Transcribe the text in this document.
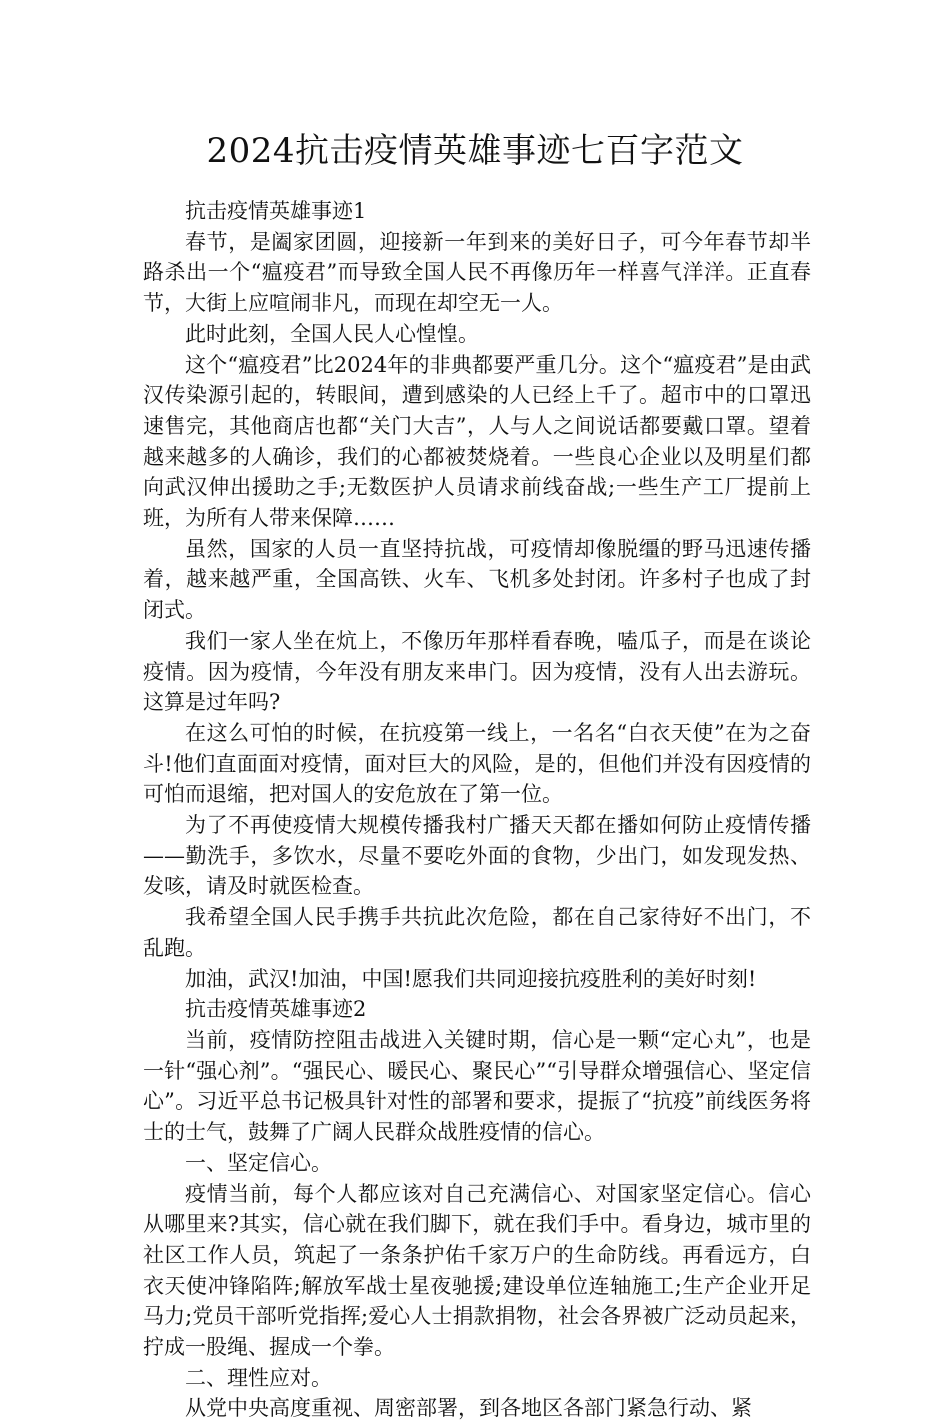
2024抗击疫情英雄事迹七百字范文

抗击疫情英雄事迹1

春节，是阖家团圆，迎接新一年到来的美好日子，可今年春节却半路杀出一个“瘟疫君”而导致全国人民不再像历年一样喜气洋洋。正直春节，大街上应喧闹非凡，而现在却空无一人。

此时此刻，全国人民人心惶惶。

这个“瘟疫君”比2024年的非典都要严重几分。这个“瘟疫君”是由武汉传染源引起的，转眼间，遭到感染的人已经上千了。超市中的口罩迅速售完，其他商店也都“关门大吉”，人与人之间说话都要戴口罩。望着越来越多的人确诊，我们的心都被焚烧着。一些良心企业以及明星们都向武汉伸出援助之手;无数医护人员请求前线奋战;一些生产工厂提前上班，为所有人带来保障……

虽然，国家的人员一直坚持抗战，可疫情却像脱缰的野马迅速传播着，越来越严重，全国高铁、火车、飞机多处封闭。许多村子也成了封闭式。

我们一家人坐在炕上，不像历年那样看春晚，嗑瓜子，而是在谈论疫情。因为疫情，今年没有朋友来串门。因为疫情，没有人出去游玩。这算是过年吗?

在这么可怕的时候，在抗疫第一线上，一名名“白衣天使”在为之奋斗!他们直面面对疫情，面对巨大的风险，是的，但他们并没有因疫情的可怕而退缩，把对国人的安危放在了第一位。

为了不再使疫情大规模传播我村广播天天都在播如何防止疫情传播——勤洗手，多饮水，尽量不要吃外面的食物，少出门，如发现发热、发咳，请及时就医检查。

我希望全国人民手携手共抗此次危险，都在自己家待好不出门，不乱跑。

加油，武汉!加油，中国!愿我们共同迎接抗疫胜利的美好时刻!

抗击疫情英雄事迹2

当前，疫情防控阻击战进入关键时期，信心是一颗“定心丸”，也是一针“强心剂”。“强民心、暖民心、聚民心”“引导群众增强信心、坚定信心”。习近平总书记极具针对性的部署和要求，提振了“抗疫”前线医务将士的士气，鼓舞了广阔人民群众战胜疫情的信心。

一、坚定信心。

疫情当前，每个人都应该对自己充满信心、对国家坚定信心。信心从哪里来?其实，信心就在我们脚下，就在我们手中。看身边，城市里的社区工作人员，筑起了一条条护佑千家万户的生命防线。再看远方，白衣天使冲锋陷阵;解放军战士星夜驰援;建设单位连轴施工;生产企业开足马力;党员干部听党指挥;爱心人士捐款捐物，社会各界被广泛动员起来，拧成一股绳、握成一个拳。

二、理性应对。

从党中央高度重视、周密部署，到各地区各部门紧急行动、紧
